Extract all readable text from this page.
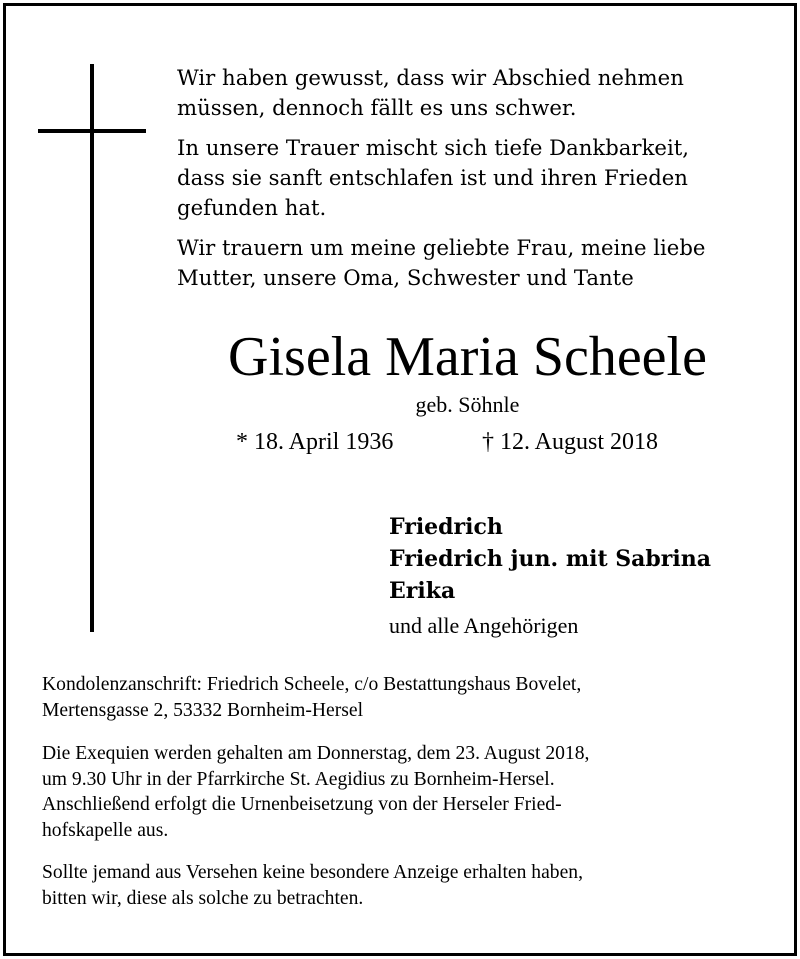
Wir haben gewusst, dass wir Abschied nehmen

müssen, dennoch fällt es uns schwer.

In unsere Trauer mischt sich tiefe Dankbarkeit,

dass sie sanft entschlafen ist und ihren Frieden

gefunden hat.

Wir trauern um meine geliebte Frau, meine liebe

Mutter, unsere Oma, Schwester und Tante

Gisela Maria Scheele
geb. Söhnle
* 18. April 1936	† 12. August 2018
Friedrich
Friedrich jun. mit Sabrina
Erika
und alle Angehörigen

Kondolenzanschrift: Friedrich Scheele, c/o Bestattungshaus Bovelet,
Mertensgasse 2, 53332 Bornheim-Hersel

Die Exequien werden gehalten am Donnerstag, dem 23. August 2018,
um 9.30 Uhr in der Pfarrkirche St. Aegidius zu Bornheim-Hersel.
Anschließend erfolgt die Urnenbeisetzung von der Herseler Fried-
hofskapelle aus.

Sollte jemand aus Versehen keine besondere Anzeige erhalten haben,
bitten wir, diese als solche zu betrachten.
